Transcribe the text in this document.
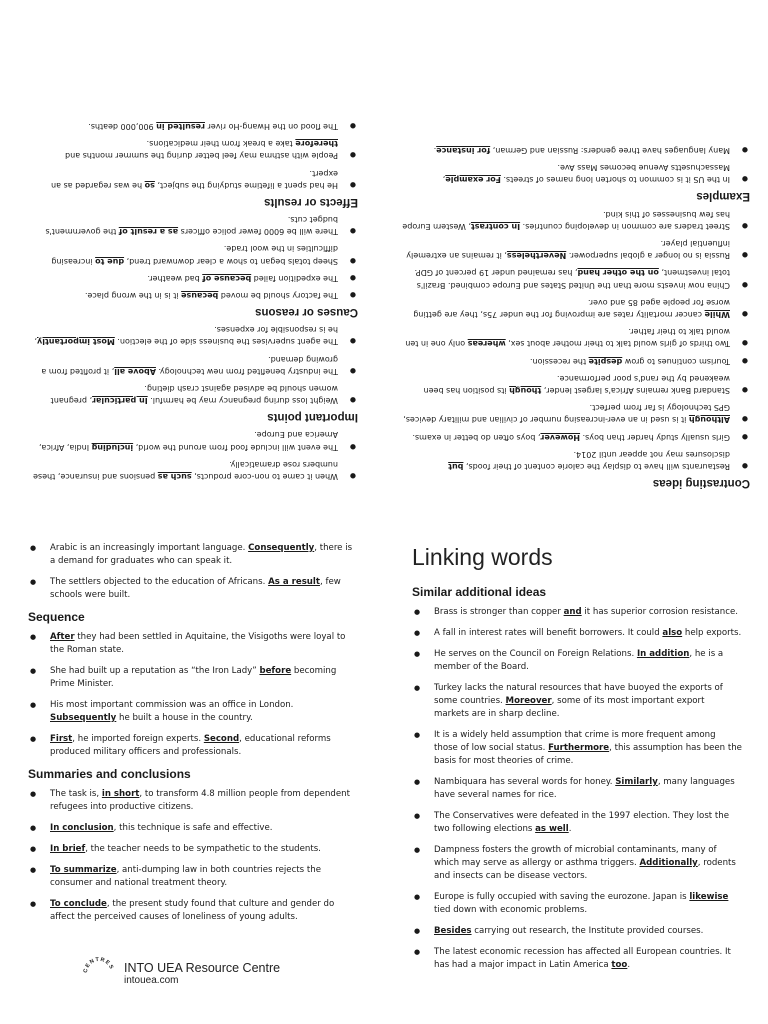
Contrasting ideas
● Restaurants will have to display the calorie content of their foods, but disclosures may not appear until 2014.
● Girls usually study harder than boys. However, boys often do better in exams.
● Although it is used in an ever-increasing number of civilian and military devices, GPS technology is far from perfect.
● Standard Bank remains Africa's largest lender, though its position has been weakened by the rand's poor performance.
● Tourism continues to grow despite the recession.
● Two thirds of girls would talk to their mother about sex, whereas only one in ten would talk to their father.
● While cancer mortality rates are improving for the under 75s, they are getting worse for people aged 85 and over.
● China now invests more than the United States and Europe combined. Brazil's total investment, on the other hand, has remained under 19 percent of GDP.
● Russia is no longer a global superpower. Nevertheless, it remains an extremely influential player.
● Street traders are common in developing countries. In contrast, Western Europe has few businesses of this kind.
Examples
● In the US it is common to shorten long names of streets. For example, Massachusetts Avenue becomes Mass Ave.
● Many languages have three genders: Russian and German, for instance.
● When it came to non-core products, such as pensions and insurance, these numbers rose dramatically.
● The event will include food from around the world, including India, Africa, America and Europe.
Important points
● Weight loss during pregnancy may be harmful. In particular, pregnant women should be advised against crash dieting.
● The industry benefited from new technology. Above all, it profited from a growing demand.
● The agent supervises the business side of the election. Most importantly, he is responsible for expenses.
Causes or reasons
● The factory should be moved because it is in the wrong place.
● The expedition failed because of bad weather.
● Sheep totals began to show a clear downward trend, due to increasing difficulties in the wool trade.
● There will be 6000 fewer police officers as a result of the government's budget cuts.
Effects or results
● He had spent a lifetime studying the subject, so he was regarded as an expert.
● People with asthma may feel better during the summer months and therefore take a break from their medications.
● The flood on the Hwang-Ho river resulted in 900,000 deaths.
● Arabic is an increasingly important language. Consequently, there is a demand for graduates who can speak it.
● The settlers objected to the education of Africans. As a result, few schools were built.
Sequence
● After they had been settled in Aquitaine, the Visigoths were loyal to the Roman state.
● She had built up a reputation as “the Iron Lady” before becoming Prime Minister.
● His most important commission was an office in London. Subsequently he built a house in the country.
● First, he imported foreign experts. Second, educational reforms produced military officers and professionals.
Summaries and conclusions
● The task is, in short, to transform 4.8 million people from dependent refugees into productive citizens.
● In conclusion, this technique is safe and effective.
● In brief, the teacher needs to be sympathetic to the students.
● To summarize, anti-dumping law in both countries rejects the consumer and national treatment theory.
● To conclude, the present study found that culture and gender do affect the perceived causes of loneliness of young adults.
Linking words
Similar additional ideas
● Brass is stronger than copper and it has superior corrosion resistance.
● A fall in interest rates will benefit borrowers. It could also help exports.
● He serves on the Council on Foreign Relations. In addition, he is a member of the Board.
● Turkey lacks the natural resources that have buoyed the exports of some countries. Moreover, some of its most important export markets are in sharp decline.
● It is a widely held assumption that crime is more frequent among those of low social status. Furthermore, this assumption has been the basis for most theories of crime.
● Nambiquara has several words for honey. Similarly, many languages have several names for rice.
● The Conservatives were defeated in the 1997 election. They lost the two following elections as well.
● Dampness fosters the growth of microbial contaminants, many of which may serve as allergy or asthma triggers. Additionally, rodents and insects can be disease vectors.
● Europe is fully occupied with saving the eurozone. Japan is likewise tied down with economic problems.
● Besides carrying out research, the Institute provided courses.
● The latest economic recession has affected all European countries. It has had a major impact in Latin America too.
CENTRES INTO UEA Resource Centre
intouea.com
